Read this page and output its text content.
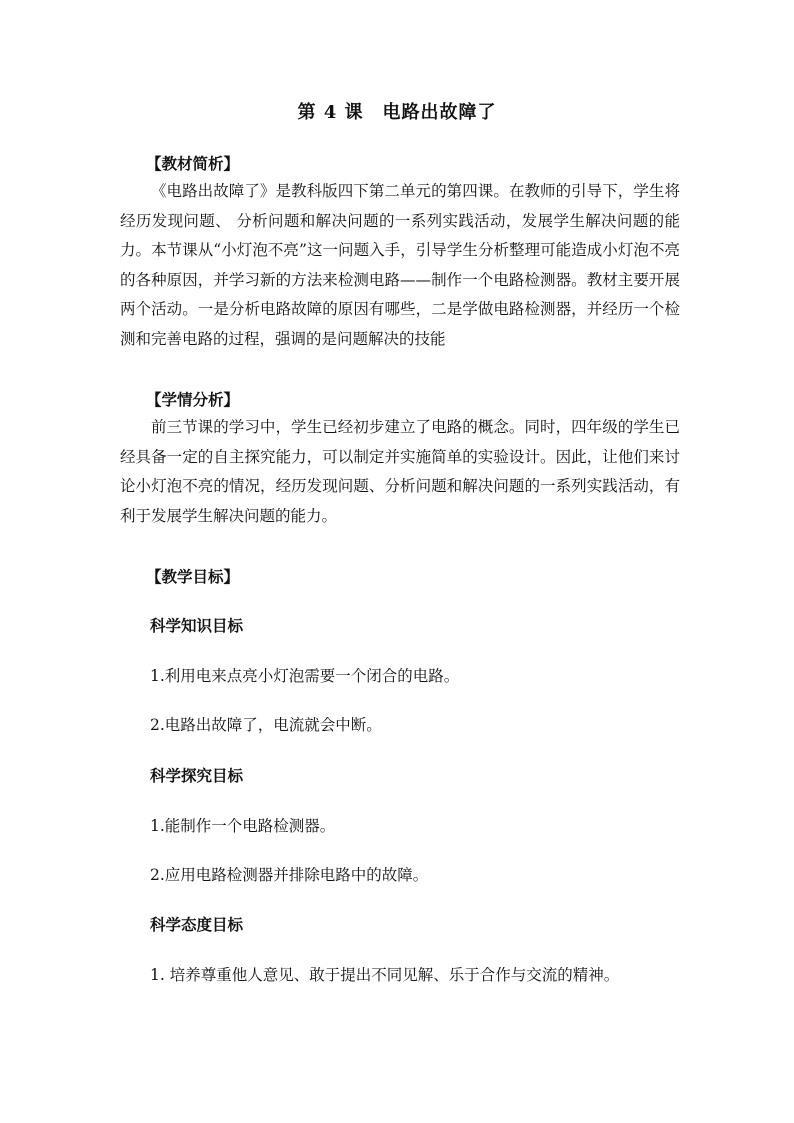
第 4 课　电路出故障了
【教材简析】

《电路出故障了》是教科版四下第二单元的第四课。在教师的引导下，学生将经历发现问题、 分析问题和解决问题的一系列实践活动，发展学生解决问题的能力。本节课从“小灯泡不亮”这一问题入手，引导学生分析整理可能造成小灯泡不亮的各种原因，并学习新的方法来检测电路——制作一个电路检测器。教材主要开展两个活动。一是分析电路故障的原因有哪些，二是学做电路检测器，并经历一个检测和完善电路的过程，强调的是问题解决的技能

【学情分析】

前三节课的学习中，学生已经初步建立了电路的概念。同时，四年级的学生已经具备一定的自主探究能力，可以制定并实施简单的实验设计。因此，让他们来讨论小灯泡不亮的情况，经历发现问题、分析问题和解决问题的一系列实践活动，有利于发展学生解决问题的能力。

【教学目标】
科学知识目标
1.利用电来点亮小灯泡需要一个闭合的电路。
2.电路出故障了，电流就会中断。
科学探究目标
1.能制作一个电路检测器。
2.应用电路检测器并排除电路中的故障。
科学态度目标
1. 培养尊重他人意见、敢于提出不同见解、乐于合作与交流的精神。
